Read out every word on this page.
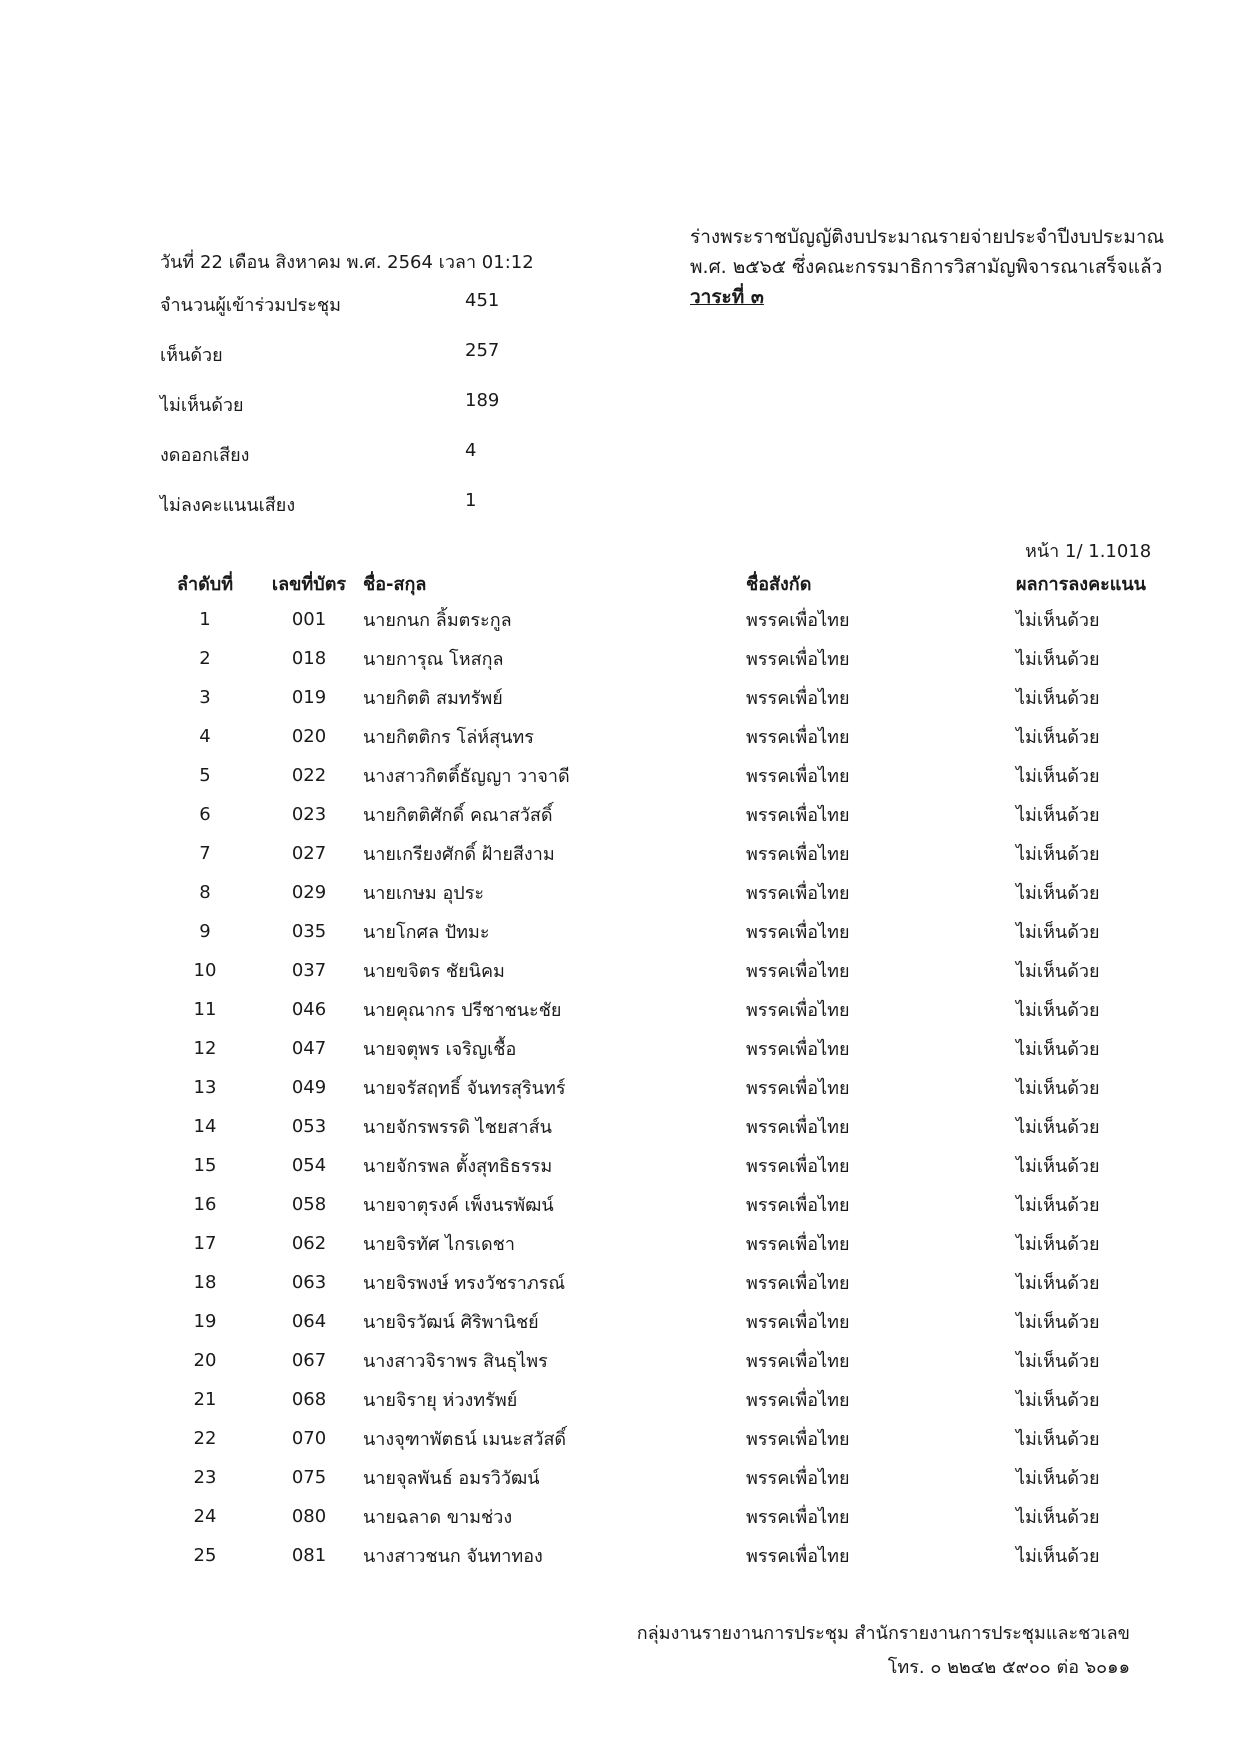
ร่างพระราชบัญญัติงบประมาณรายจ่ายประจำปีงบประมาณ
พ.ศ. ๒๕๖๕ ซึ่งคณะกรรมาธิการวิสามัญพิจารณาเสร็จแล้ว
วาระที่ ๓
วันที่ 22 เดือน สิงหาคม พ.ศ. 2564 เวลา 01:12
จำนวนผู้เข้าร่วมประชุม	451
เห็นด้วย	257
ไม่เห็นด้วย	189
งดออกเสียง	4
ไม่ลงคะแนนเสียง	1
หน้า 1/ 1.1018
ลำดับที่	เลขที่บัตร	ชื่อ-สกุล	ชื่อสังกัด	ผลการลงคะแนน
1	001	นายกนก ลิ้มตระกูล	พรรคเพื่อไทย	ไม่เห็นด้วย
2	018	นายการุณ โหสกุล	พรรคเพื่อไทย	ไม่เห็นด้วย
3	019	นายกิตติ สมทรัพย์	พรรคเพื่อไทย	ไม่เห็นด้วย
4	020	นายกิตติกร โล่ห์สุนทร	พรรคเพื่อไทย	ไม่เห็นด้วย
5	022	นางสาวกิตติ์ธัญญา วาจาดี	พรรคเพื่อไทย	ไม่เห็นด้วย
6	023	นายกิตติศักดิ์ คณาสวัสดิ์	พรรคเพื่อไทย	ไม่เห็นด้วย
7	027	นายเกรียงศักดิ์ ฝ้ายสีงาม	พรรคเพื่อไทย	ไม่เห็นด้วย
8	029	นายเกษม อุประ	พรรคเพื่อไทย	ไม่เห็นด้วย
9	035	นายโกศล ปัทมะ	พรรคเพื่อไทย	ไม่เห็นด้วย
10	037	นายขจิตร ชัยนิคม	พรรคเพื่อไทย	ไม่เห็นด้วย
11	046	นายคุณากร ปรีชาชนะชัย	พรรคเพื่อไทย	ไม่เห็นด้วย
12	047	นายจตุพร เจริญเชื้อ	พรรคเพื่อไทย	ไม่เห็นด้วย
13	049	นายจรัสฤทธิ์ จันทรสุรินทร์	พรรคเพื่อไทย	ไม่เห็นด้วย
14	053	นายจักรพรรดิ ไชยสาส์น	พรรคเพื่อไทย	ไม่เห็นด้วย
15	054	นายจักรพล ตั้งสุทธิธรรม	พรรคเพื่อไทย	ไม่เห็นด้วย
16	058	นายจาตุรงค์ เพ็งนรพัฒน์	พรรคเพื่อไทย	ไม่เห็นด้วย
17	062	นายจิรทัศ ไกรเดชา	พรรคเพื่อไทย	ไม่เห็นด้วย
18	063	นายจิรพงษ์ ทรงวัชราภรณ์	พรรคเพื่อไทย	ไม่เห็นด้วย
19	064	นายจิรวัฒน์ ศิริพานิชย์	พรรคเพื่อไทย	ไม่เห็นด้วย
20	067	นางสาวจิราพร สินธุไพร	พรรคเพื่อไทย	ไม่เห็นด้วย
21	068	นายจิรายุ ห่วงทรัพย์	พรรคเพื่อไทย	ไม่เห็นด้วย
22	070	นางจุฑาพัตธน์ เมนะสวัสดิ์	พรรคเพื่อไทย	ไม่เห็นด้วย
23	075	นายจุลพันธ์ อมรวิวัฒน์	พรรคเพื่อไทย	ไม่เห็นด้วย
24	080	นายฉลาด ขามช่วง	พรรคเพื่อไทย	ไม่เห็นด้วย
25	081	นางสาวชนก จันทาทอง	พรรคเพื่อไทย	ไม่เห็นด้วย
กลุ่มงานรายงานการประชุม สำนักรายงานการประชุมและชวเลข
โทร. ๐ ๒๒๔๒ ๕๙๐๐ ต่อ ๖๐๑๑
